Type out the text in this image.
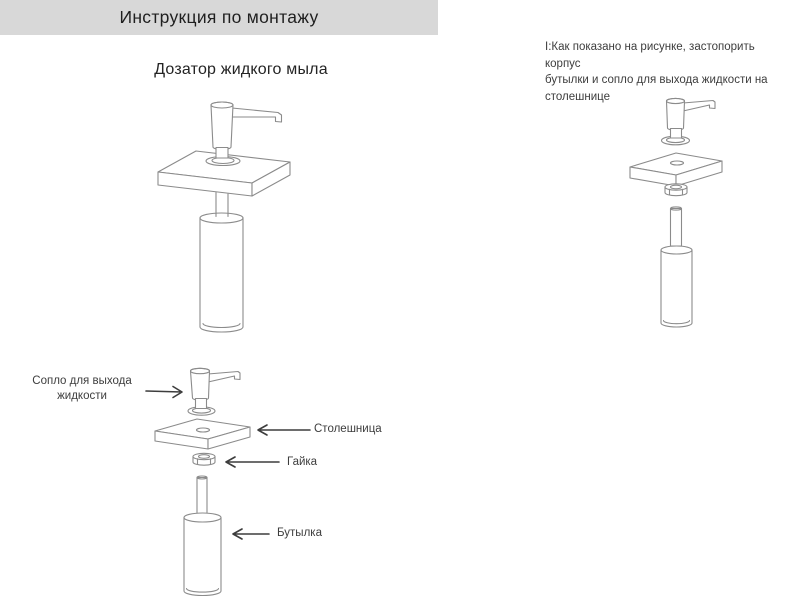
Инструкция по монтажу
Дозатор жидкого мыла
I:Как показано на рисунке, застопорить корпус
бутылки и сопло для выхода жидкости на
столешнице
Сопло для выхода
жидкости
Столешница
Гайка
Бутылка
